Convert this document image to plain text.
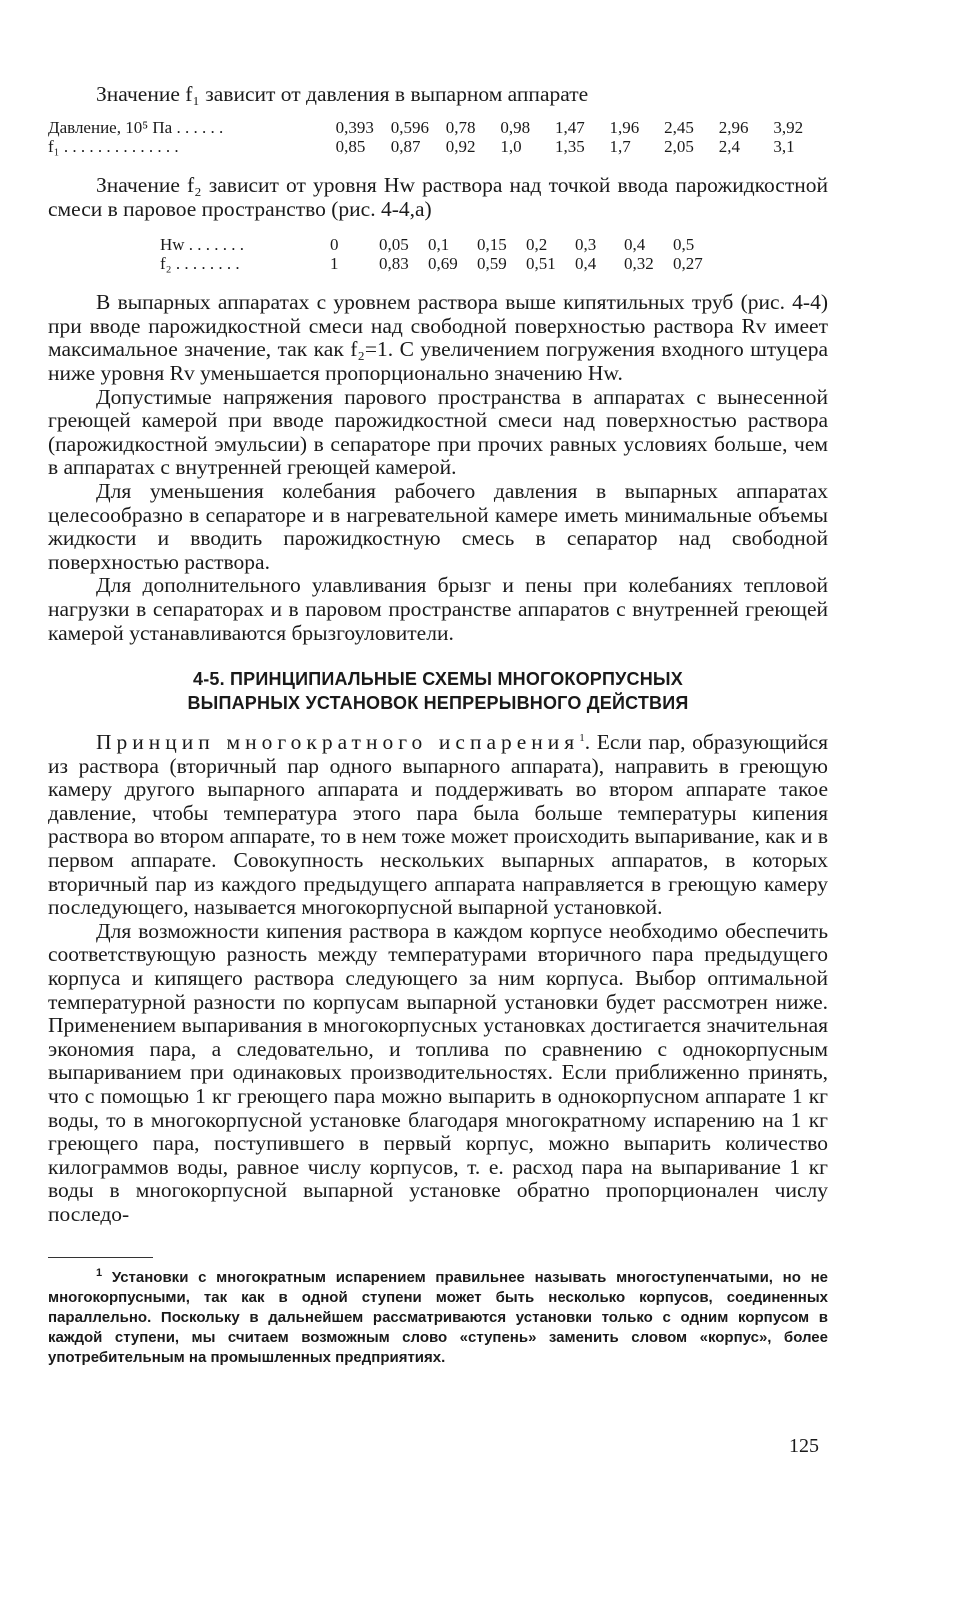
Значение f₁ зависит от давления в выпарном аппарате

Давление, 10⁵ Па . . . . . .	0,393	0,596	0,78	0,98	1,47	1,96	2,45	2,96	3,92
f₁ . . . . . . . . . . . . . .	0,85	0,87	0,92	1,0	1,35	1,7	2,05	2,4	3,1

Значение f₂ зависит от уровня Hw раствора над точкой ввода парожидкостной смеси в паровое пространство (рис. 4-4,a)

Hw . . . . . . .	0	0,05	0,1	0,15	0,2	0,3	0,4	0,5
f₂ . . . . . . . .	1	0,83	0,69	0,59	0,51	0,4	0,32	0,27

В выпарных аппаратах с уровнем раствора выше кипятильных труб (рис. 4-4) при вводе парожидкостной смеси над свободной поверхностью раствора Rv имеет максимальное значение, так как f₂=1. С увеличением погружения входного штуцера ниже уровня Rv уменьшается пропорционально значению Hw.

Допустимые напряжения парового пространства в аппаратах с вынесенной греющей камерой при вводе парожидкостной смеси над поверхностью раствора (парожидкостной эмульсии) в сепараторе при прочих равных условиях больше, чем в аппаратах с внутренней греющей камерой.

Для уменьшения колебания рабочего давления в выпарных аппаратах целесообразно в сепараторе и в нагревательной камере иметь минимальные объемы жидкости и вводить парожидкостную смесь в сепаратор над свободной поверхностью раствора.

Для дополнительного улавливания брызг и пены при колебаниях тепловой нагрузки в сепараторах и в паровом пространстве аппаратов с внутренней греющей камерой устанавливаются брызгоуловители.

4-5. ПРИНЦИПИАЛЬНЫЕ СХЕМЫ МНОГОКОРПУСНЫХ
ВЫПАРНЫХ УСТАНОВОК НЕПРЕРЫВНОГО ДЕЙСТВИЯ

Принцип многократного испарения$^1$. Если пар, образующийся из раствора (вторичный пар одного выпарного аппарата), направить в греющую камеру другого выпарного аппарата и поддерживать во втором аппарате такое давление, чтобы температура этого пара была больше температуры кипения раствора во втором аппарате, то в нем тоже может происходить выпаривание, как и в первом аппарате. Совокупность нескольких выпарных аппаратов, в которых вторичный пар из каждого предыдущего аппарата направляется в греющую камеру последующего, называется многокорпусной выпарной установкой.

Для возможности кипения раствора в каждом корпусе необходимо обеспечить соответствующую разность между температурами вторичного пара предыдущего корпуса и кипящего раствора следующего за ним корпуса. Выбор оптимальной температурной разности по корпусам выпарной установки будет рассмотрен ниже. Применением выпаривания в многокорпусных установках достигается значительная экономия пара, а следовательно, и топлива по сравнению с однокорпусным выпариванием при одинаковых производительностях. Если приближенно принять, что с помощью 1 кг греющего пара можно выпарить в однокорпусном аппарате 1 кг воды, то в многокорпусной установке благодаря многократному испарению на 1 кг греющего пара, поступившего в первый корпус, можно выпарить количество килограммов воды, равное числу корпусов, т. е. расход пара на выпаривание 1 кг воды в многокорпусной выпарной установке обратно пропорционален числу последо-

$^1$ Установки с многократным испарением правильнее называть многоступенчатыми, но не многокорпусными, так как в одной ступени может быть несколько корпусов, соединенных параллельно. Поскольку в дальнейшем рассматриваются установки только с одним корпусом в каждой ступени, мы считаем возможным слово «ступень» заменить словом «корпус», более употребительным на промышленных предприятиях.

125
